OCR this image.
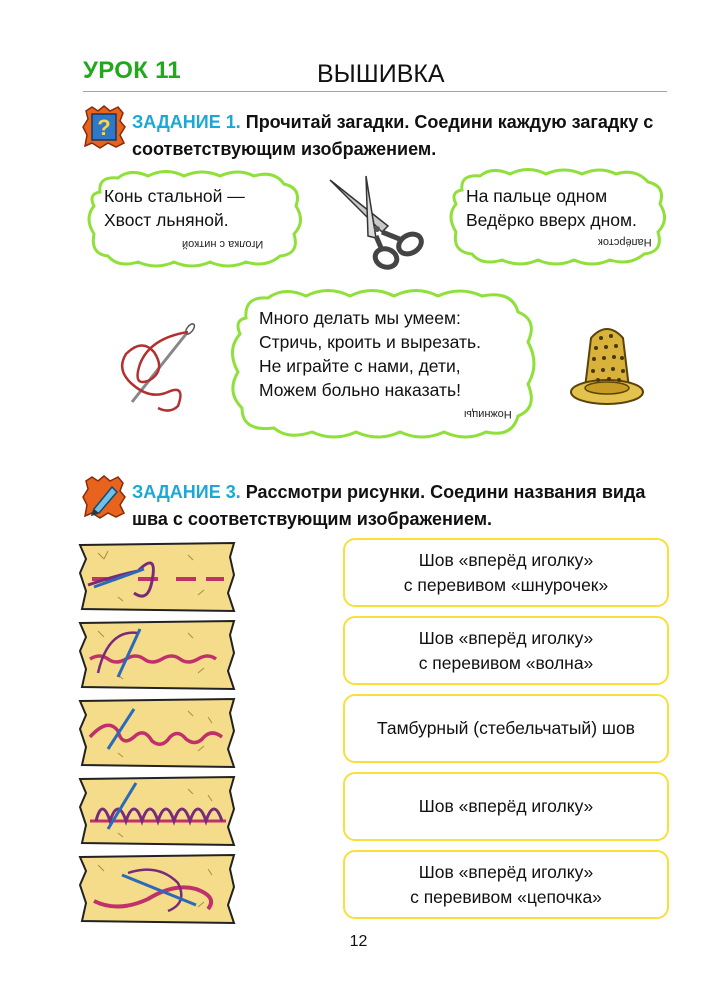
УРОК 11	ВЫШИВКА
? ЗАДАНИЕ 1. Прочитай загадки. Соедини каждую загадку с соответствующим изображением.
Конь стальной —
Хвост льняной.
Иголка с ниткой
На пальце одном
Ведёрко вверх дном.
Напёрсток
Много делать мы умеем:
Стричь, кроить и вырезать.
Не играйте с нами, дети,
Можем больно наказать!
Ножницы
ЗАДАНИЕ 3. Рассмотри рисунки. Соедини названия вида шва с соответствующим изображением.
Шов «вперёд иголку»
с перевивом «шнурочек»
Шов «вперёд иголку»
с перевивом «волна»
Тамбурный (стебельчатый) шов
Шов «вперёд иголку»
Шов «вперёд иголку»
с перевивом «цепочка»
12
